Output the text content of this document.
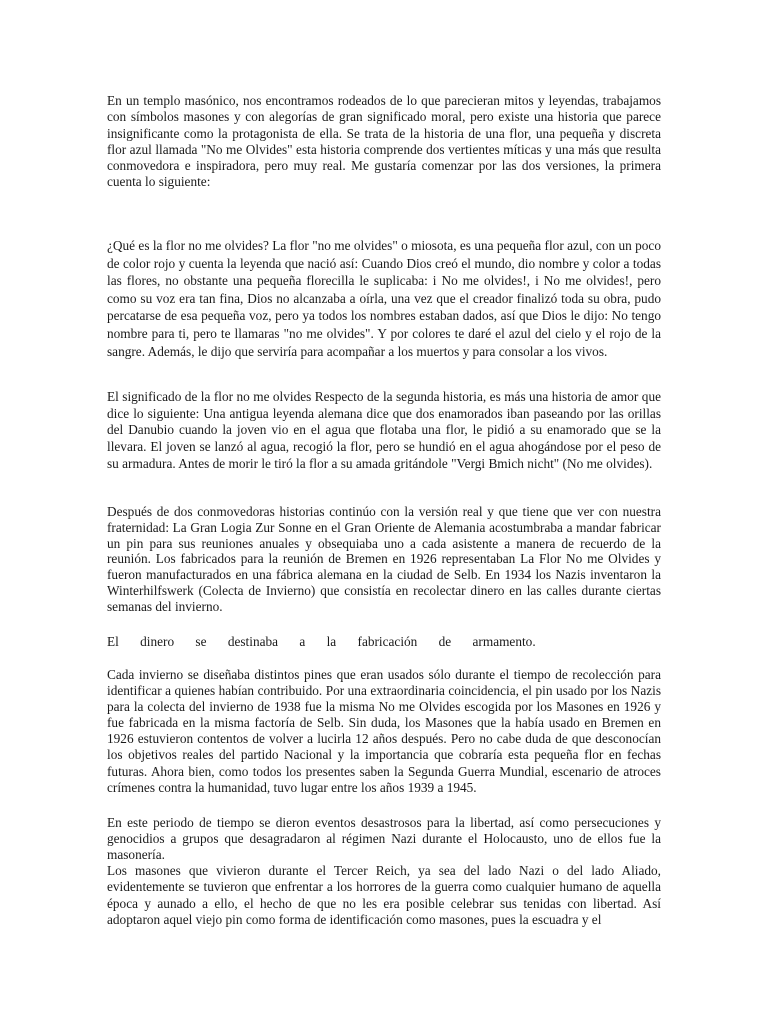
En un templo masónico, nos encontramos rodeados de lo que parecieran mitos y leyendas, trabajamos con símbolos masones y con alegorías de gran significado moral, pero existe una historia que parece insignificante como la protagonista de ella. Se trata de la historia de una flor, una pequeña y discreta flor azul llamada "No me Olvides" esta historia comprende dos vertientes míticas y una más que resulta conmovedora e inspiradora, pero muy real. Me gustaría comenzar por las dos versiones, la primera cuenta lo siguiente:

¿Qué es la flor no me olvides? La flor "no me olvides" o miosota, es una pequeña flor azul, con un poco de color rojo y cuenta la leyenda que nació así: Cuando Dios creó el mundo, dio nombre y color a todas las flores, no obstante una pequeña florecilla le suplicaba: i No me olvides!, i No me olvides!, pero como su voz era tan fina, Dios no alcanzaba a oírla, una vez que el creador finalizó toda su obra, pudo percatarse de esa pequeña voz, pero ya todos los nombres estaban dados, así que Dios le dijo: No tengo nombre para ti, pero te llamaras "no me olvides". Y por colores te daré el azul del cielo y el rojo de la sangre. Además, le dijo que serviría para acompañar a los muertos y para consolar a los vivos.

El significado de la flor no me olvides Respecto de la segunda historia, es más una historia de amor que dice lo siguiente: Una antigua leyenda alemana dice que dos enamorados iban paseando por las orillas del Danubio cuando la joven vio en el agua que flotaba una flor, le pidió a su enamorado que se la llevara. El joven se lanzó al agua, recogió la flor, pero se hundió en el agua ahogándose por el peso de su armadura. Antes de morir le tiró la flor a su amada gritándole "Vergi Bmich nicht" (No me olvides).

Después de dos conmovedoras historias continúo con la versión real y que tiene que ver con nuestra fraternidad: La Gran Logia Zur Sonne en el Gran Oriente de Alemania acostumbraba a mandar fabricar un pin para sus reuniones anuales y obsequiaba uno a cada asistente a manera de recuerdo de la reunión. Los fabricados para la reunión de Bremen en 1926 representaban La Flor No me Olvides y fueron manufacturados en una fábrica alemana en la ciudad de Selb. En 1934 los Nazis inventaron la Winterhilfswerk (Colecta de Invierno) que consistía en recolectar dinero en las calles durante ciertas semanas del invierno.

El dinero se destinaba a la fabricación de armamento.

Cada invierno se diseñaba distintos pines que eran usados sólo durante el tiempo de recolección para identificar a quienes habían contribuido. Por una extraordinaria coincidencia, el pin usado por los Nazis para la colecta del invierno de 1938 fue la misma No me Olvides escogida por los Masones en 1926 y fue fabricada en la misma factoría de Selb. Sin duda, los Masones que la había usado en Bremen en 1926 estuvieron contentos de volver a lucirla 12 años después. Pero no cabe duda de que desconocían los objetivos reales del partido Nacional y la importancia que cobraría esta pequeña flor en fechas futuras. Ahora bien, como todos los presentes saben la Segunda Guerra Mundial, escenario de atroces crímenes contra la humanidad, tuvo lugar entre los años 1939 a 1945.

En este periodo de tiempo se dieron eventos desastrosos para la libertad, así como persecuciones y genocidios a grupos que desagradaron al régimen Nazi durante el Holocausto, uno de ellos fue la masonería.

Los masones que vivieron durante el Tercer Reich, ya sea del lado Nazi o del lado Aliado, evidentemente se tuvieron que enfrentar a los horrores de la guerra como cualquier humano de aquella época y aunado a ello, el hecho de que no les era posible celebrar sus tenidas con libertad. Así adoptaron aquel viejo pin como forma de identificación como masones, pues la escuadra y el
